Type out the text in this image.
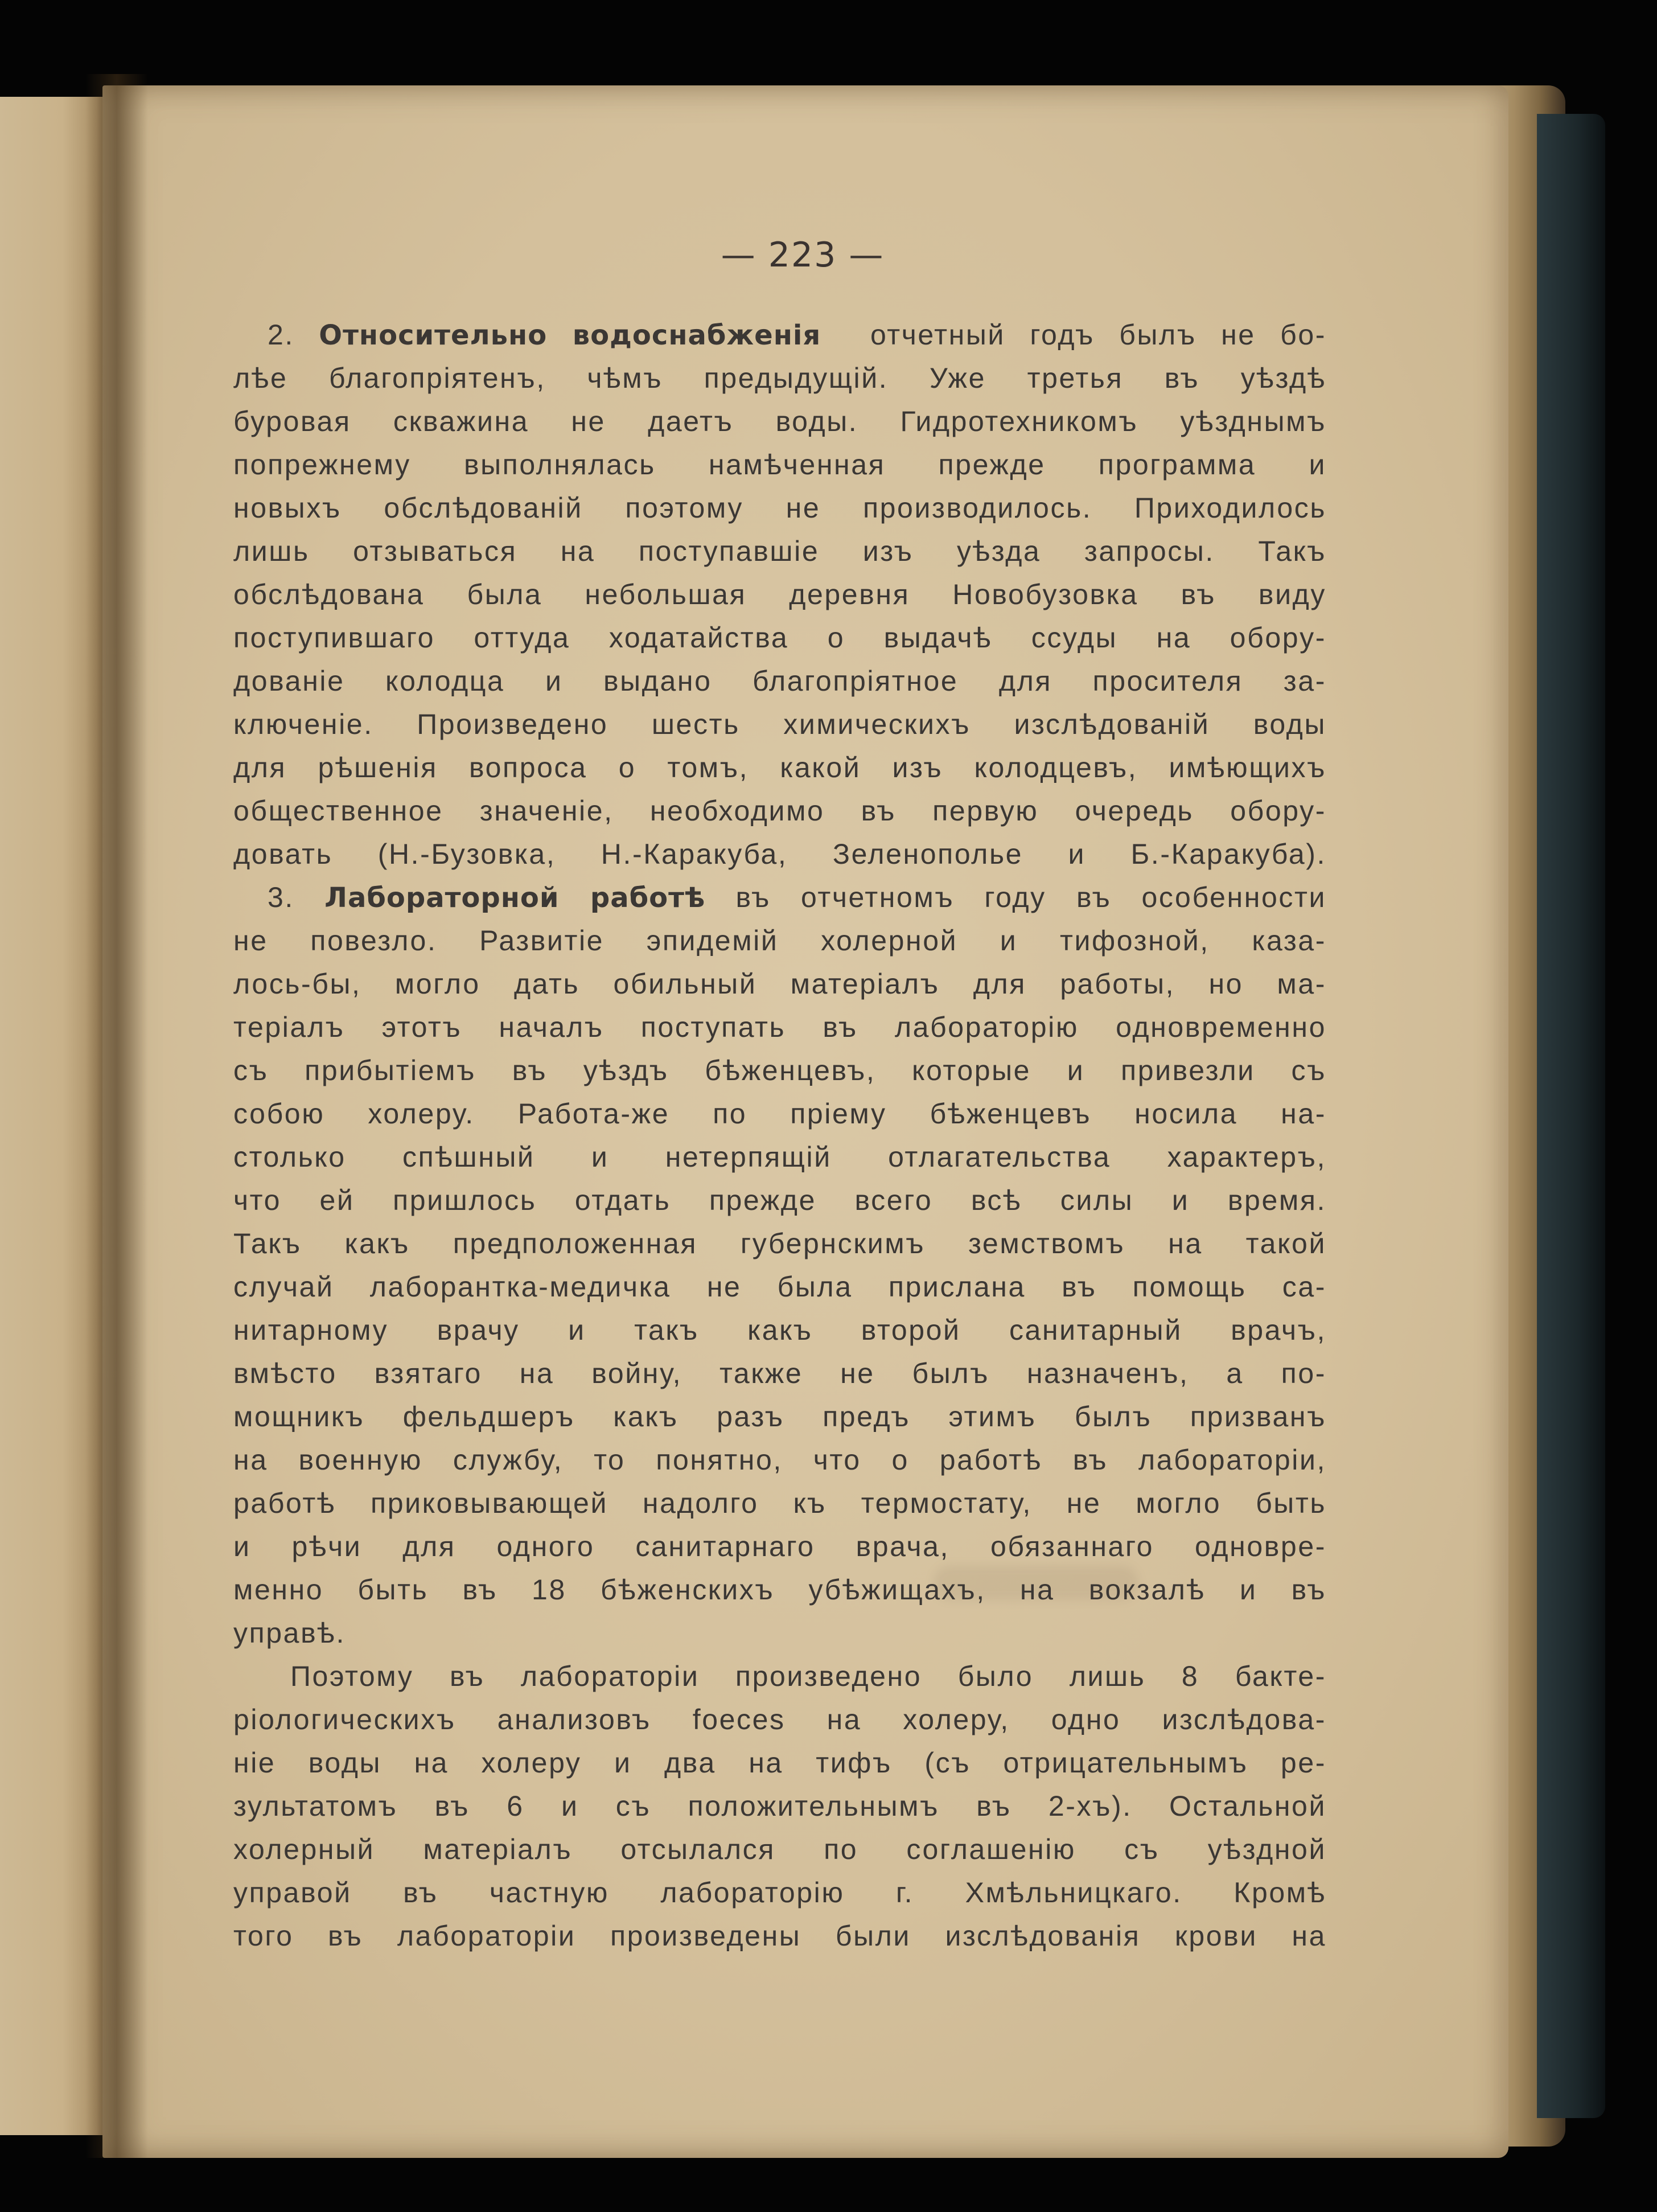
— 223 —
2. Относительно водоснабженія отчетный годъ былъ не бо-
лѣе благопріятенъ, чѣмъ предыдущій. Уже третья въ уѣздѣ
буровая скважина не даетъ воды. Гидротехникомъ уѣзднымъ
попрежнему выполнялась намѣченная прежде программа и
новыхъ обслѣдованій поэтому не производилось. Приходилось
лишь отзываться на поступавшіе изъ уѣзда запросы. Такъ
обслѣдована была небольшая деревня Новобузовка въ виду
поступившаго оттуда ходатайства о выдачѣ ссуды на оборy-
дованіе колодца и выдано благопріятное для просителя за-
ключеніе. Произведено шесть химическихъ изслѣдованій воды
для рѣшенія вопроса о томъ, какой изъ колодцевъ, имѣющихъ
общественное значеніе, необходимо въ первую очередь обору-
довать (Н.-Бузовка, Н.-Каракуба, Зеленополье и Б.-Каракуба).
3. Лабораторной работѣ въ отчетномъ году въ особенности
не повезло. Развитіе эпидемій холерной и тифозной, каза-
лось-бы, могло дать обильный матеріалъ для работы, но ма-
теріалъ этотъ началъ поступать въ лабораторію одновременно
съ прибытіемъ въ уѣздъ бѣженцевъ, которые и привезли съ
собою холеру. Работа-же по пріему бѣженцевъ носила на-
столько спѣшный и нетерпящій отлагательства характеръ,
что ей пришлось отдать прежде всего всѣ силы и время.
Такъ какъ предположенная губернскимъ земствомъ на такой
случай лаборантка-медичка не была прислана въ помощь са-
нитарному врачу и такъ какъ второй санитарный врачъ,
вмѣсто взятаго на войну, также не былъ назначенъ, а по-
мощникъ фельдшеръ какъ разъ предъ этимъ былъ призванъ
на военную службу, то понятно, что о работѣ въ лабораторіи,
работѣ приковывающей надолго къ термостату, не могло быть
и рѣчи для одного санитарнаго врача, обязаннаго одновре-
менно быть въ 18 бѣженскихъ убѣжищахъ, на вокзалѣ и въ
управѣ.
Поэтому въ лабораторіи произведено было лишь 8 бакте-
ріологическихъ анализовъ foeces на холеру, одно изслѣдова-
ніе воды на холеру и два на тифъ (съ отрицательнымъ ре-
зультатомъ въ 6 и съ положительнымъ въ 2-хъ). Остальной
холерный матеріалъ отсылался по соглашенію съ уѣздной
управой въ частную лабораторію г. Хмѣльницкаго. Кромѣ
того въ лабораторіи произведены были изслѣдованія крови на
